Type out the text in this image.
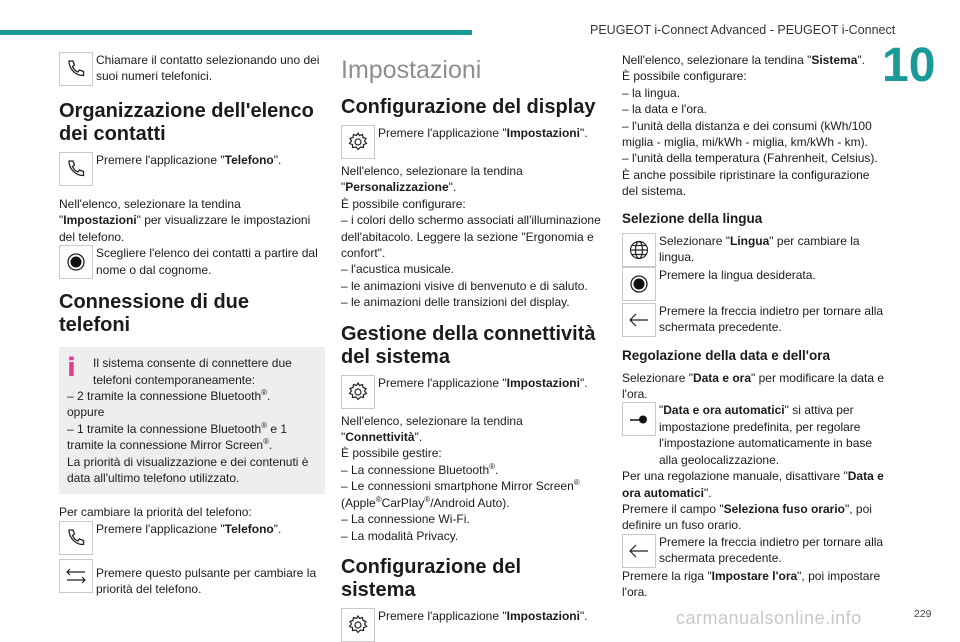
PEUGEOT i-Connect Advanced - PEUGEOT i-Connect
10

Chiamare il contatto selezionando uno dei suoi numeri telefonici.

Organizzazione dell'elenco dei contatti

Premere l'applicazione "Telefono".

Nell'elenco, selezionare la tendina "Impostazioni" per visualizzare le impostazioni del telefono.

Scegliere l'elenco dei contatti a partire dal nome o dal cognome.

Connessione di due telefoni
i	Il sistema consente di connettere due telefoni contemporaneamente:

– 2 tramite la connessione Bluetooth®.

oppure

– 1 tramite la connessione Bluetooth® e 1 tramite la connessione Mirror Screen®.

La priorità di visualizzazione e dei contenuti è data all'ultimo telefono utilizzato.

Per cambiare la priorità del telefono:

Premere l'applicazione "Telefono".

Premere questo pulsante per cambiare la priorità del telefono.

Impostazioni
Configurazione del display

Premere l'applicazione "Impostazioni".

Nell'elenco, selezionare la tendina "Personalizzazione".

È possibile configurare:

– i colori dello schermo associati all'illuminazione dell'abitacolo. Leggere la sezione "Ergonomia e confort".

– l'acustica musicale.

– le animazioni visive di benvenuto e di saluto.

– le animazioni delle transizioni del display.

Gestione della connettività del sistema

Premere l'applicazione "Impostazioni".

Nell'elenco, selezionare la tendina "Connettività".

È possibile gestire:

– La connessione Bluetooth®.

– Le connessioni smartphone Mirror Screen® (Apple®CarPlay®/Android Auto).

– La connessione Wi-Fi.

– La modalità Privacy.

Configurazione del sistema

Premere l'applicazione "Impostazioni".

Nell'elenco, selezionare la tendina "Sistema".

È possibile configurare:

– la lingua.

– la data e l'ora.

– l'unità della distanza e dei consumi (kWh/100 miglia - miglia, mi/kWh - miglia, km/kWh - km).

– l'unità della temperatura (Fahrenheit, Celsius).

È anche possibile ripristinare la configurazione del sistema.

Selezione della lingua

Selezionare "Lingua" per cambiare la lingua.

Premere la lingua desiderata.

Premere la freccia indietro per tornare alla schermata precedente.

Regolazione della data e dell'ora

Selezionare "Data e ora" per modificare la data e l'ora.

"Data e ora automatici" si attiva per impostazione predefinita, per regolare l'impostazione automaticamente in base alla geolocalizzazione.

Per una regolazione manuale, disattivare "Data e ora automatici".

Premere il campo "Seleziona fuso orario", poi definire un fuso orario.

Premere la freccia indietro per tornare alla schermata precedente.

Premere la riga "Impostare l'ora", poi impostare l'ora.

carmanualsonline.info	229
